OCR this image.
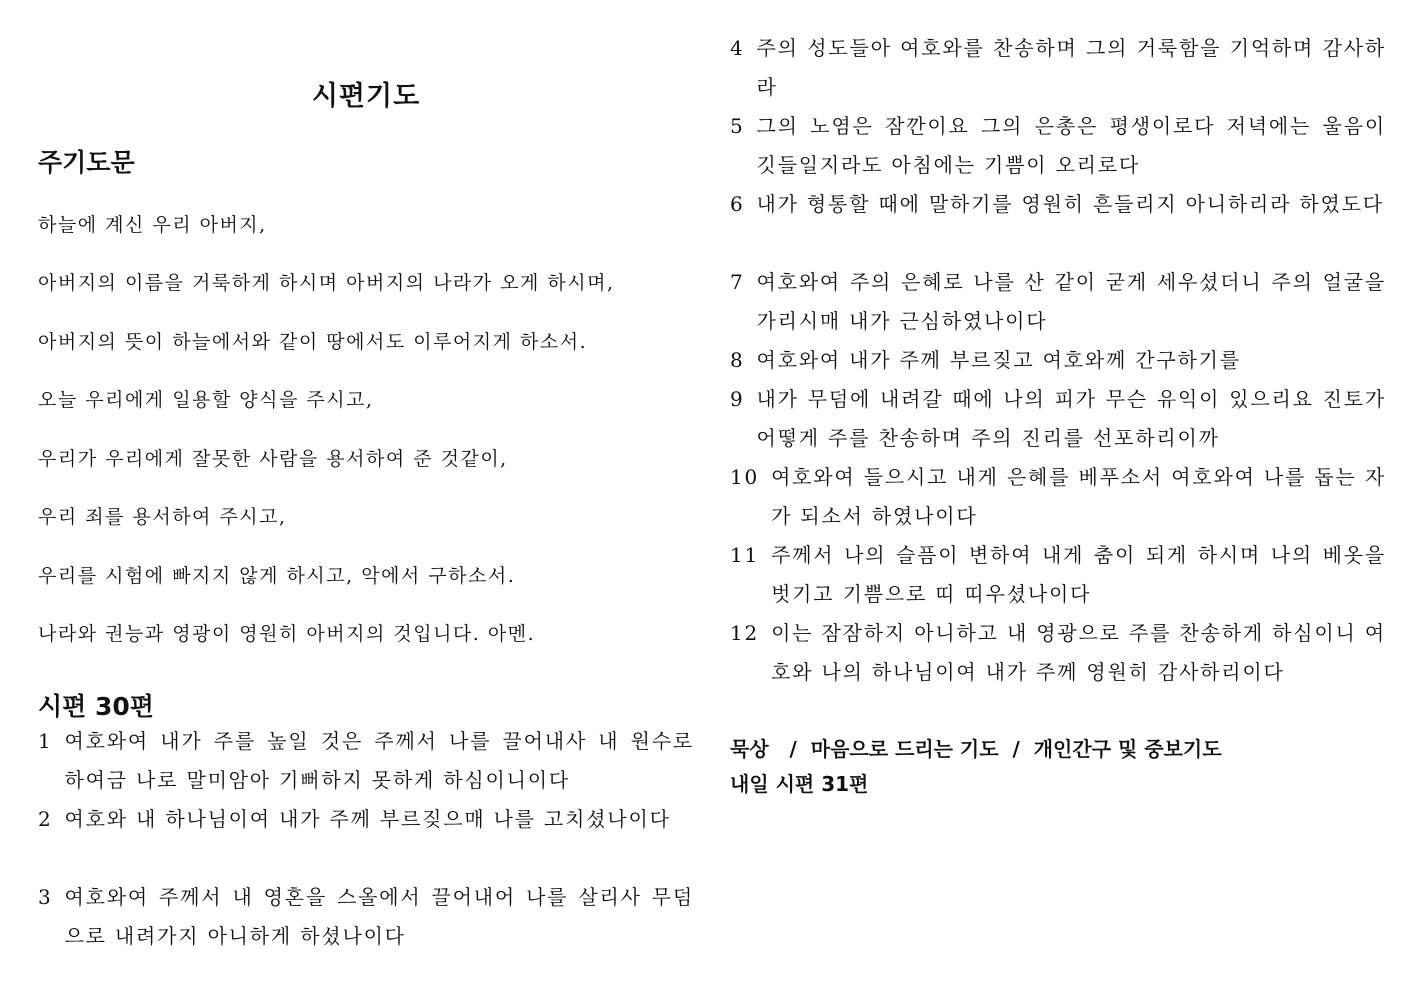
시편기도
주기도문
하늘에 계신 우리 아버지,
아버지의 이름을 거룩하게 하시며 아버지의 나라가 오게 하시며,
아버지의 뜻이 하늘에서와 같이 땅에서도 이루어지게 하소서.
오늘 우리에게 일용할 양식을 주시고,
우리가 우리에게 잘못한 사람을 용서하여 준 것같이,
우리 죄를 용서하여 주시고,
우리를 시험에 빠지지 않게 하시고, 악에서 구하소서.
나라와 권능과 영광이 영원히 아버지의 것입니다. 아멘.
시편 30편
1 여호와여 내가 주를 높일 것은 주께서 나를 끌어내사 내 원수로 하여금 나로 말미암아 기뻐하지 못하게 하심이니이다
2 여호와 내 하나님이여 내가 주께 부르짖으매 나를 고치셨나이다
3 여호와여 주께서 내 영혼을 스올에서 끌어내어 나를 살리사 무덤으로 내려가지 아니하게 하셨나이다
4 주의 성도들아 여호와를 찬송하며 그의 거룩함을 기억하며 감사하라
5 그의 노염은 잠깐이요 그의 은총은 평생이로다 저녁에는 울음이 깃들일지라도 아침에는 기쁨이 오리로다
6 내가 형통할 때에 말하기를 영원히 흔들리지 아니하리라 하였도다
7 여호와여 주의 은혜로 나를 산 같이 굳게 세우셨더니 주의 얼굴을 가리시매 내가 근심하였나이다
8 여호와여 내가 주께 부르짖고 여호와께 간구하기를
9 내가 무덤에 내려갈 때에 나의 피가 무슨 유익이 있으리요 진토가 어떻게 주를 찬송하며 주의 진리를 선포하리이까
10 여호와여 들으시고 내게 은혜를 베푸소서 여호와여 나를 돕는 자가 되소서 하였나이다
11 주께서 나의 슬픔이 변하여 내게 춤이 되게 하시며 나의 베옷을 벗기고 기쁨으로 띠 띠우셨나이다
12 이는 잠잠하지 아니하고 내 영광으로 주를 찬송하게 하심이니 여호와 나의 하나님이여 내가 주께 영원히 감사하리이다
묵상   /  마음으로 드리는 기도  /  개인간구 및 중보기도
내일 시편 31편
